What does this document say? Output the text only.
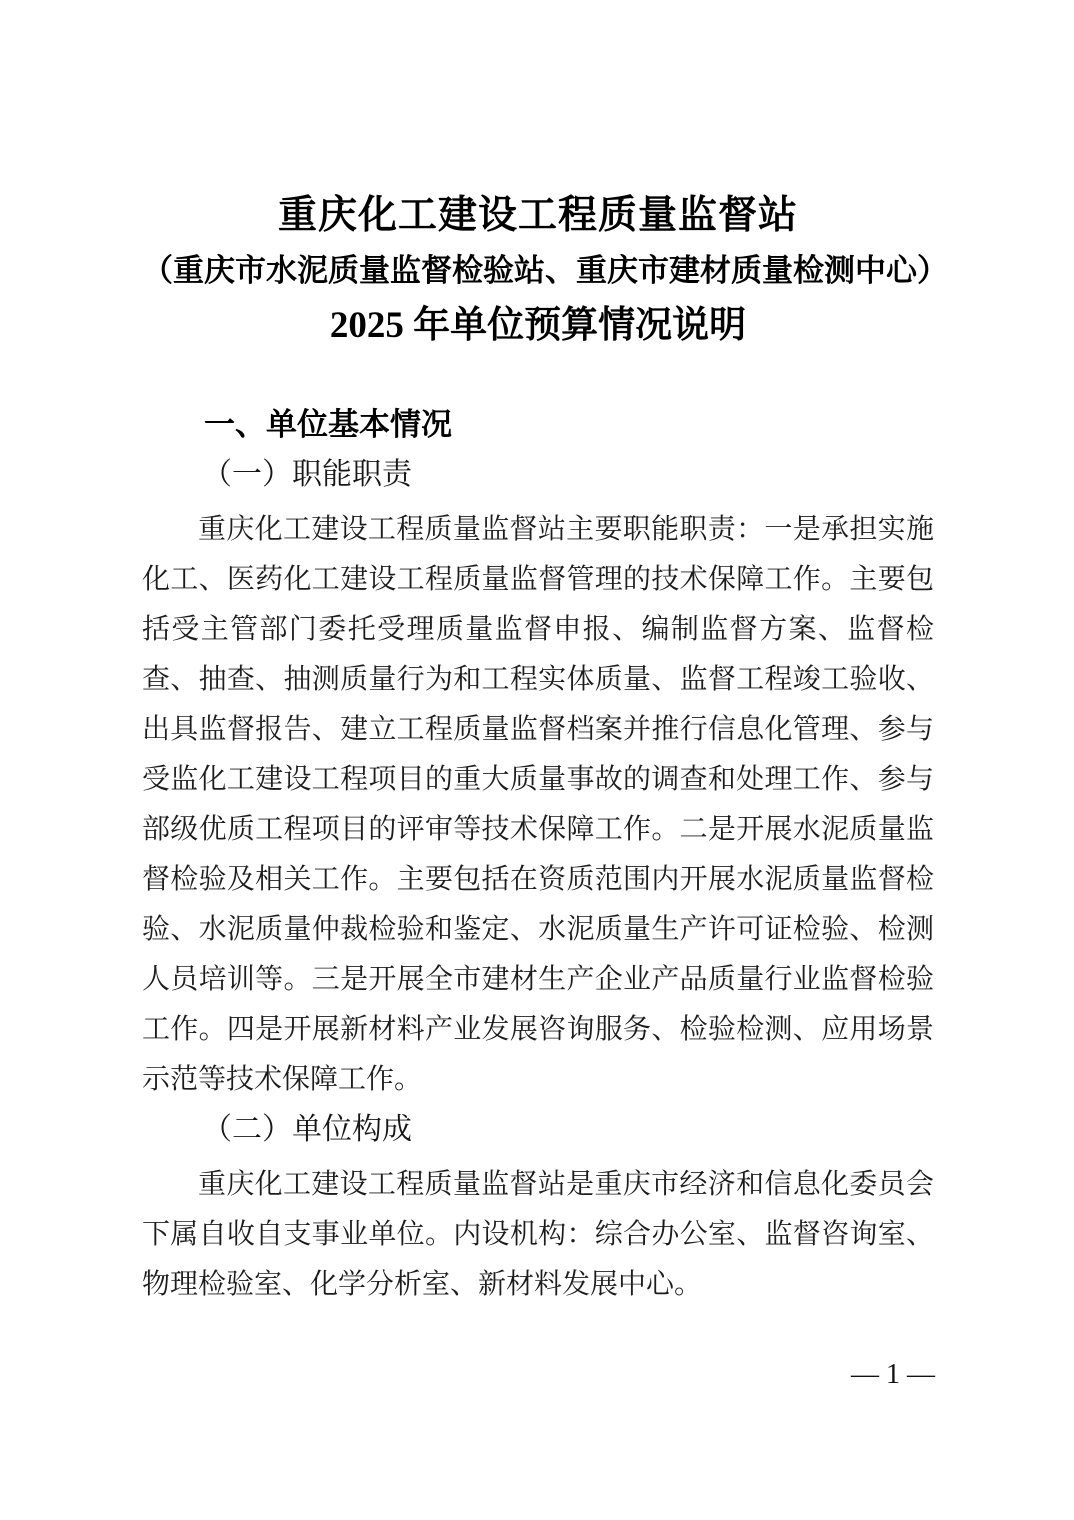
重庆化工建设工程质量监督站
（重庆市水泥质量监督检验站、重庆市建材质量检测中心）
2025 年单位预算情况说明
一、单位基本情况
（一）职能职责

重庆化工建设工程质量监督站主要职能职责：一是承担实施化工、医药化工建设工程质量监督管理的技术保障工作。主要包括受主管部门委托受理质量监督申报、编制监督方案、监督检查、抽查、抽测质量行为和工程实体质量、监督工程竣工验收、出具监督报告、建立工程质量监督档案并推行信息化管理、参与受监化工建设工程项目的重大质量事故的调查和处理工作、参与部级优质工程项目的评审等技术保障工作。二是开展水泥质量监督检验及相关工作。主要包括在资质范围内开展水泥质量监督检验、水泥质量仲裁检验和鉴定、水泥质量生产许可证检验、检测人员培训等。三是开展全市建材生产企业产品质量行业监督检验工作。四是开展新材料产业发展咨询服务、检验检测、应用场景示范等技术保障工作。

（二）单位构成

重庆化工建设工程质量监督站是重庆市经济和信息化委员会下属自收自支事业单位。内设机构：综合办公室、监督咨询室、物理检验室、化学分析室、新材料发展中心。

— 1 —
